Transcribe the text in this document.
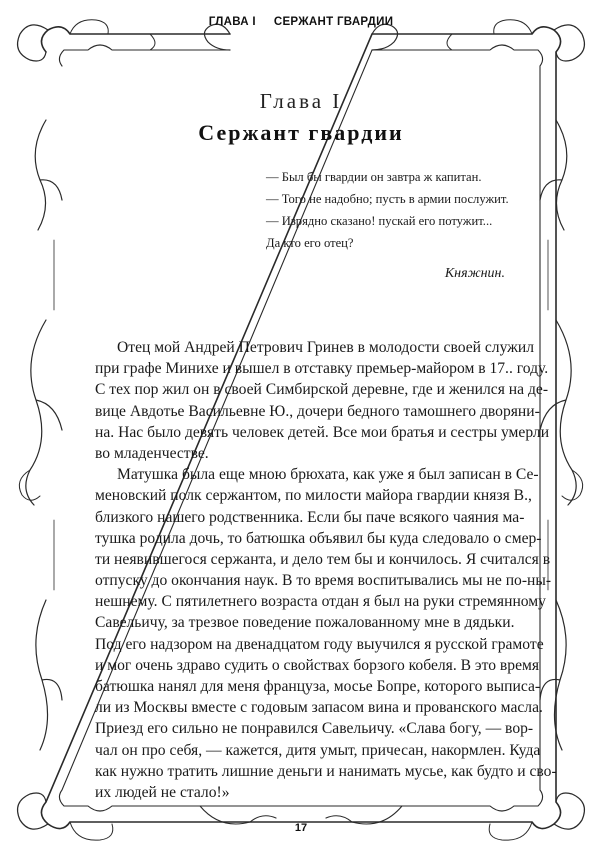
ГЛАВА I СЕРЖАНТ ГВАРДИИ
Глава I
Сержант гвардии
— Был бы гвардии он завтра ж капитан.
— Того не надобно; пусть в армии послужит.
— Изрядно сказано! пускай его потужит...
Да кто его отец?
Княжнин.
Отец мой Андрей Петрович Гринев в молодости своей служил
при графе Минихе и вышел в отставку премьер-майором в 17.. году.
С тех пор жил он в своей Симбирской деревне, где и женился на де-
вице Авдотье Васильевне Ю., дочери бедного тамошнего дворяни-
на. Нас было девять человек детей. Все мои братья и сестры умерли
во младенчестве.
Матушка была еще мною брюхата, как уже я был записан в Се-
меновский полк сержантом, по милости майора гвардии князя В.,
близкого нашего родственника. Если бы паче всякого чаяния ма-
тушка родила дочь, то батюшка объявил бы куда следовало о смер-
ти неявившегося сержанта, и дело тем бы и кончилось. Я считался в
отпуску до окончания наук. В то время воспитывались мы не по-ны-
нешнему. С пятилетнего возраста отдан я был на руки стремянному
Савельичу, за трезвое поведение пожалованному мне в дядьки.
Под его надзором на двенадцатом году выучился я русской грамоте
и мог очень здраво судить о свойствах борзого кобеля. В это время
батюшка нанял для меня француза, мосье Бопре, которого выписа-
ли из Москвы вместе с годовым запасом вина и прованского масла.
Приезд его сильно не понравился Савельичу. «Слава богу, — вор-
чал он про себя, — кажется, дитя умыт, причесан, накормлен. Куда
как нужно тратить лишние деньги и нанимать мусье, как будто и сво-
их людей не стало!»
17
